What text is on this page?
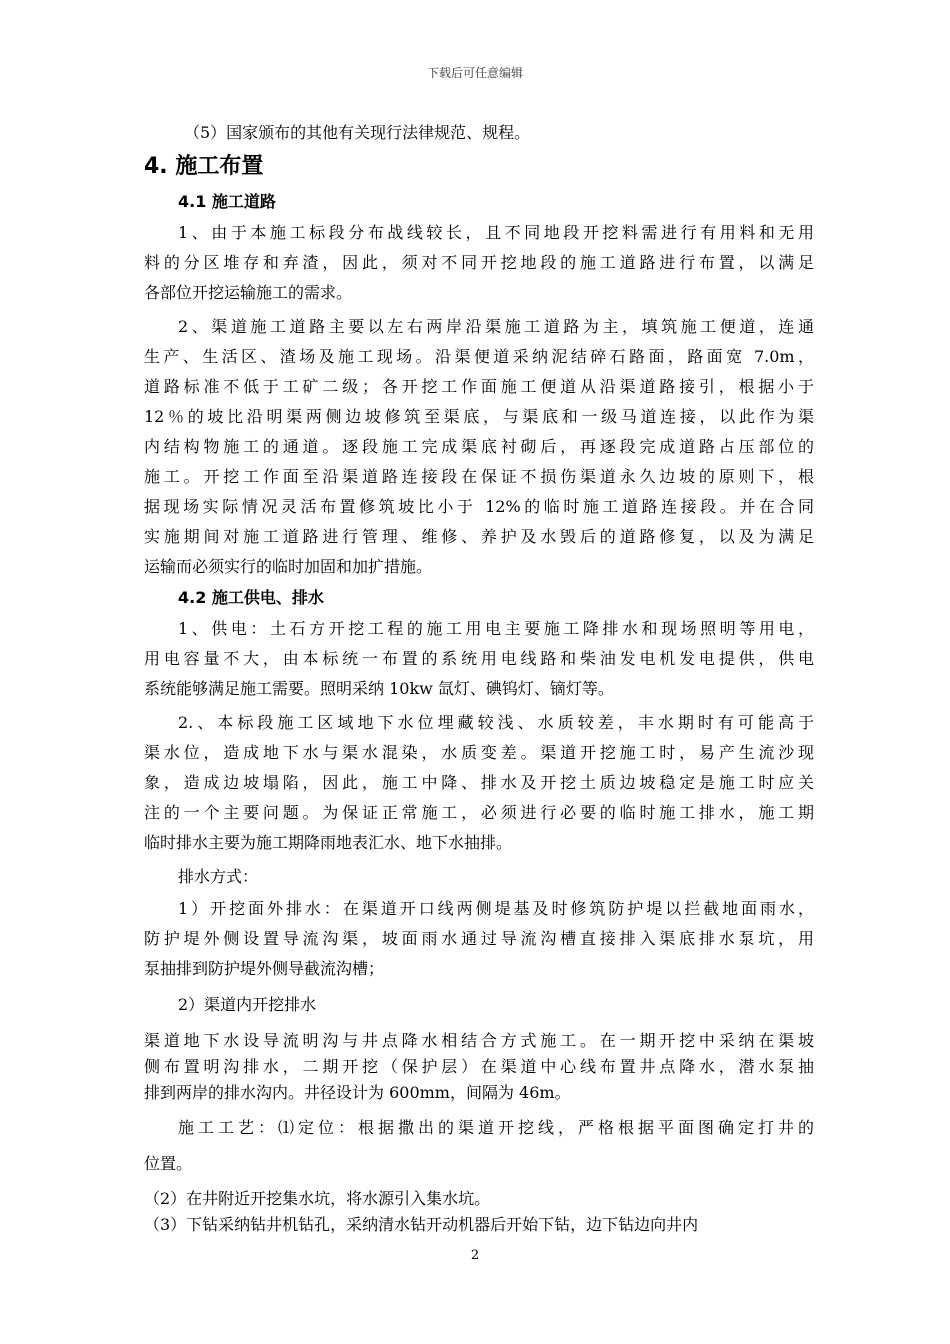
下载后可任意编辑
（5）国家颁布的其他有关现行法律规范、规程。
4. 施工布置
4.1 施工道路
1、由于本施工标段分布战线较长，且不同地段开挖料需进行有用料和无用
料的分区堆存和弃渣，因此，须对不同开挖地段的施工道路进行布置，以满足
各部位开挖运输施工的需求。
2、渠道施工道路主要以左右两岸沿渠施工道路为主，填筑施工便道，连通
生产、生活区、渣场及施工现场。沿渠便道采纳泥结碎石路面，路面宽 7.0m，
道路标准不低于工矿二级；各开挖工作面施工便道从沿渠道路接引，根据小于
12％的坡比沿明渠两侧边坡修筑至渠底，与渠底和一级马道连接，以此作为渠
内结构物施工的通道。逐段施工完成渠底衬砌后，再逐段完成道路占压部位的
施工。开挖工作面至沿渠道路连接段在保证不损伤渠道永久边坡的原则下，根
据现场实际情况灵活布置修筑坡比小于 12%的临时施工道路连接段。并在合同
实施期间对施工道路进行管理、维修、养护及水毁后的道路修复，以及为满足
运输而必须实行的临时加固和加扩措施。
4.2 施工供电、排水
1、供电：土石方开挖工程的施工用电主要施工降排水和现场照明等用电，
用电容量不大，由本标统一布置的系统用电线路和柴油发电机发电提供，供电
系统能够满足施工需要。照明采纳 10kw 氙灯、碘钨灯、镝灯等。
2.、本标段施工区域地下水位埋藏较浅、水质较差，丰水期时有可能高于
渠水位，造成地下水与渠水混染，水质变差。渠道开挖施工时，易产生流沙现
象，造成边坡塌陷，因此，施工中降、排水及开挖土质边坡稳定是施工时应关
注的一个主要问题。为保证正常施工，必须进行必要的临时施工排水，施工期
临时排水主要为施工期降雨地表汇水、地下水抽排。
排水方式：
1）开挖面外排水：在渠道开口线两侧堤基及时修筑防护堤以拦截地面雨水，
防护堤外侧设置导流沟渠，坡面雨水通过导流沟槽直接排入渠底排水泵坑，用
泵抽排到防护堤外侧导截流沟槽；
2）渠道内开挖排水
渠道地下水设导流明沟与井点降水相结合方式施工。在一期开挖中采纳在渠坡
侧布置明沟排水，二期开挖（保护层）在渠道中心线布置井点降水，潜水泵抽
排到两岸的排水沟内。井径设计为 600mm，间隔为 46m。
施工工艺：⑴定位：根据撒出的渠道开挖线，严格根据平面图确定打井的
位置。
（2）在井附近开挖集水坑，将水源引入集水坑。
（3）下钻采纳钻井机钻孔，采纳清水钻开动机器后开始下钻，边下钻边向井内
2
